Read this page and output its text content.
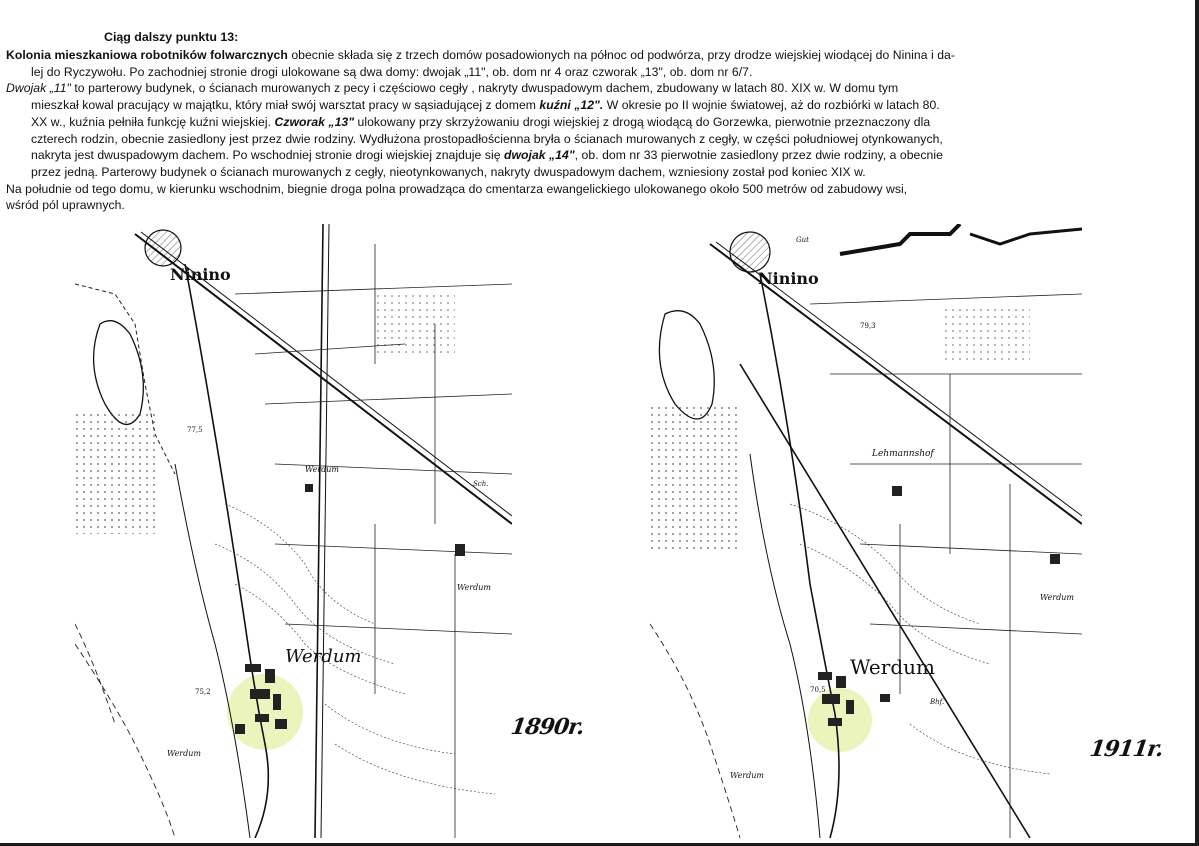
Ciąg dalszy punktu 13:

Kolonia mieszkaniowa robotników folwarcznych obecnie składa się z trzech domów posadowionych na północ od podwórza, przy drodze wiejskiej wiodącej do Ninina i da-

lej do Ryczywołu. Po zachodniej stronie drogi ulokowane są dwa domy: dwojak „11", ob. dom nr 4 oraz czworak „13", ob. dom nr 6/7.

Dwojak „11" to parterowy budynek, o ścianach murowanych z pecy i częściowo cegły , nakryty dwuspadowym dachem, zbudowany w latach 80. XIX w. W domu tym

mieszkał kowal pracujący w majątku, który miał swój warsztat pracy w sąsiadującej z domem kuźni „12". W okresie po II wojnie światowej, aż do rozbiórki w latach 80.

XX w., kuźnia pełniła funkcję kuźni wiejskiej. Czworak „13" ulokowany przy skrzyżowaniu drogi wiejskiej z drogą wiodącą do Gorzewka, pierwotnie przeznaczony dla

czterech rodzin, obecnie zasiedlony jest przez dwie rodziny. Wydłużona prostopadłościenna bryła o ścianach murowanych z cegły, w części południowej otynkowanych,

nakryta jest dwuspadowym dachem. Po wschodniej stronie drogi wiejskiej znajduje się dwojak „14", ob. dom nr 33 pierwotnie zasiedlony przez dwie rodziny, a obecnie

przez jedną. Parterowy budynek o ścianach murowanych z cegły, nieotynkowanych, nakryty dwuspadowym dachem, wzniesiony został pod koniec XIX w.

Na południe od tego domu, w kierunku wschodnim, biegnie droga polna prowadząca do cmentarza ewangelickiego ulokowanego około 500 metrów od zabudowy wsi,

wśród pól uprawnych.

Ninino
Werdum
Werdum
Werdum
Werdum
Sch.
77,5
75,2
1890r.
Ninino
Gut
Werdum
Werdum
Werdum
Lehmannshof
Bhf.
79,3
70,5
1911r.
